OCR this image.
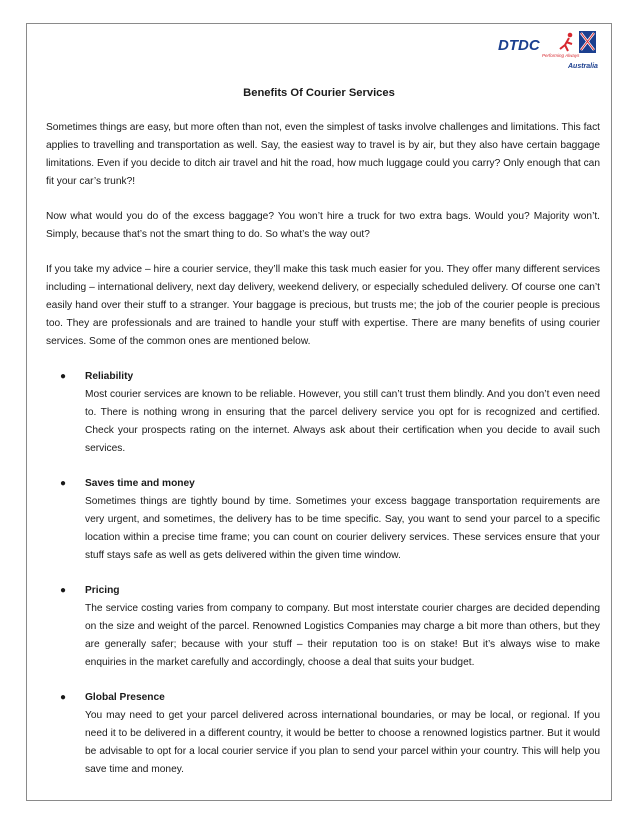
DTDC
Performing Always
Australia
Benefits Of Courier Services

Sometimes things are easy, but more often than not, even the simplest of tasks involve challenges and limitations. This fact applies to travelling and transportation as well. Say, the easiest way to travel is by air, but they also have certain baggage limitations. Even if you decide to ditch air travel and hit the road, how much luggage could you carry? Only enough that can fit your car’s trunk?!

Now what would you do of the excess baggage? You won’t hire a truck for two extra bags. Would you? Majority won’t. Simply, because that’s not the smart thing to do. So what’s the way out?

If you take my advice – hire a courier service, they’ll make this task much easier for you. They offer many different services including – international delivery, next day delivery, weekend delivery, or especially scheduled delivery. Of course one can’t easily hand over their stuff to a stranger. Your baggage is precious, but trusts me; the job of the courier people is precious too. They are professionals and are trained to handle your stuff with expertise. There are many benefits of using courier services. Some of the common ones are mentioned below.

● Reliability
Most courier services are known to be reliable. However, you still can’t trust them blindly. And you don’t even need to. There is nothing wrong in ensuring that the parcel delivery service you opt for is recognized and certified. Check your prospects rating on the internet. Always ask about their certification when you decide to avail such services.
● Saves time and money
Sometimes things are tightly bound by time. Sometimes your excess baggage transportation requirements are very urgent, and sometimes, the delivery has to be time specific. Say, you want to send your parcel to a specific location within a precise time frame; you can count on courier delivery services. These services ensure that your stuff stays safe as well as gets delivered within the given time window.
● Pricing
The service costing varies from company to company. But most interstate courier charges are decided depending on the size and weight of the parcel. Renowned Logistics Companies may charge a bit more than others, but they are generally safer; because with your stuff – their reputation too is on stake! But it’s always wise to make enquiries in the market carefully and accordingly, choose a deal that suits your budget.
● Global Presence
You may need to get your parcel delivered across international boundaries, or may be local, or regional. If you need it to be delivered in a different country, it would be better to choose a renowned logistics partner. But it would be advisable to opt for a local courier service if you plan to send your parcel within your country. This will help you save time and money.
